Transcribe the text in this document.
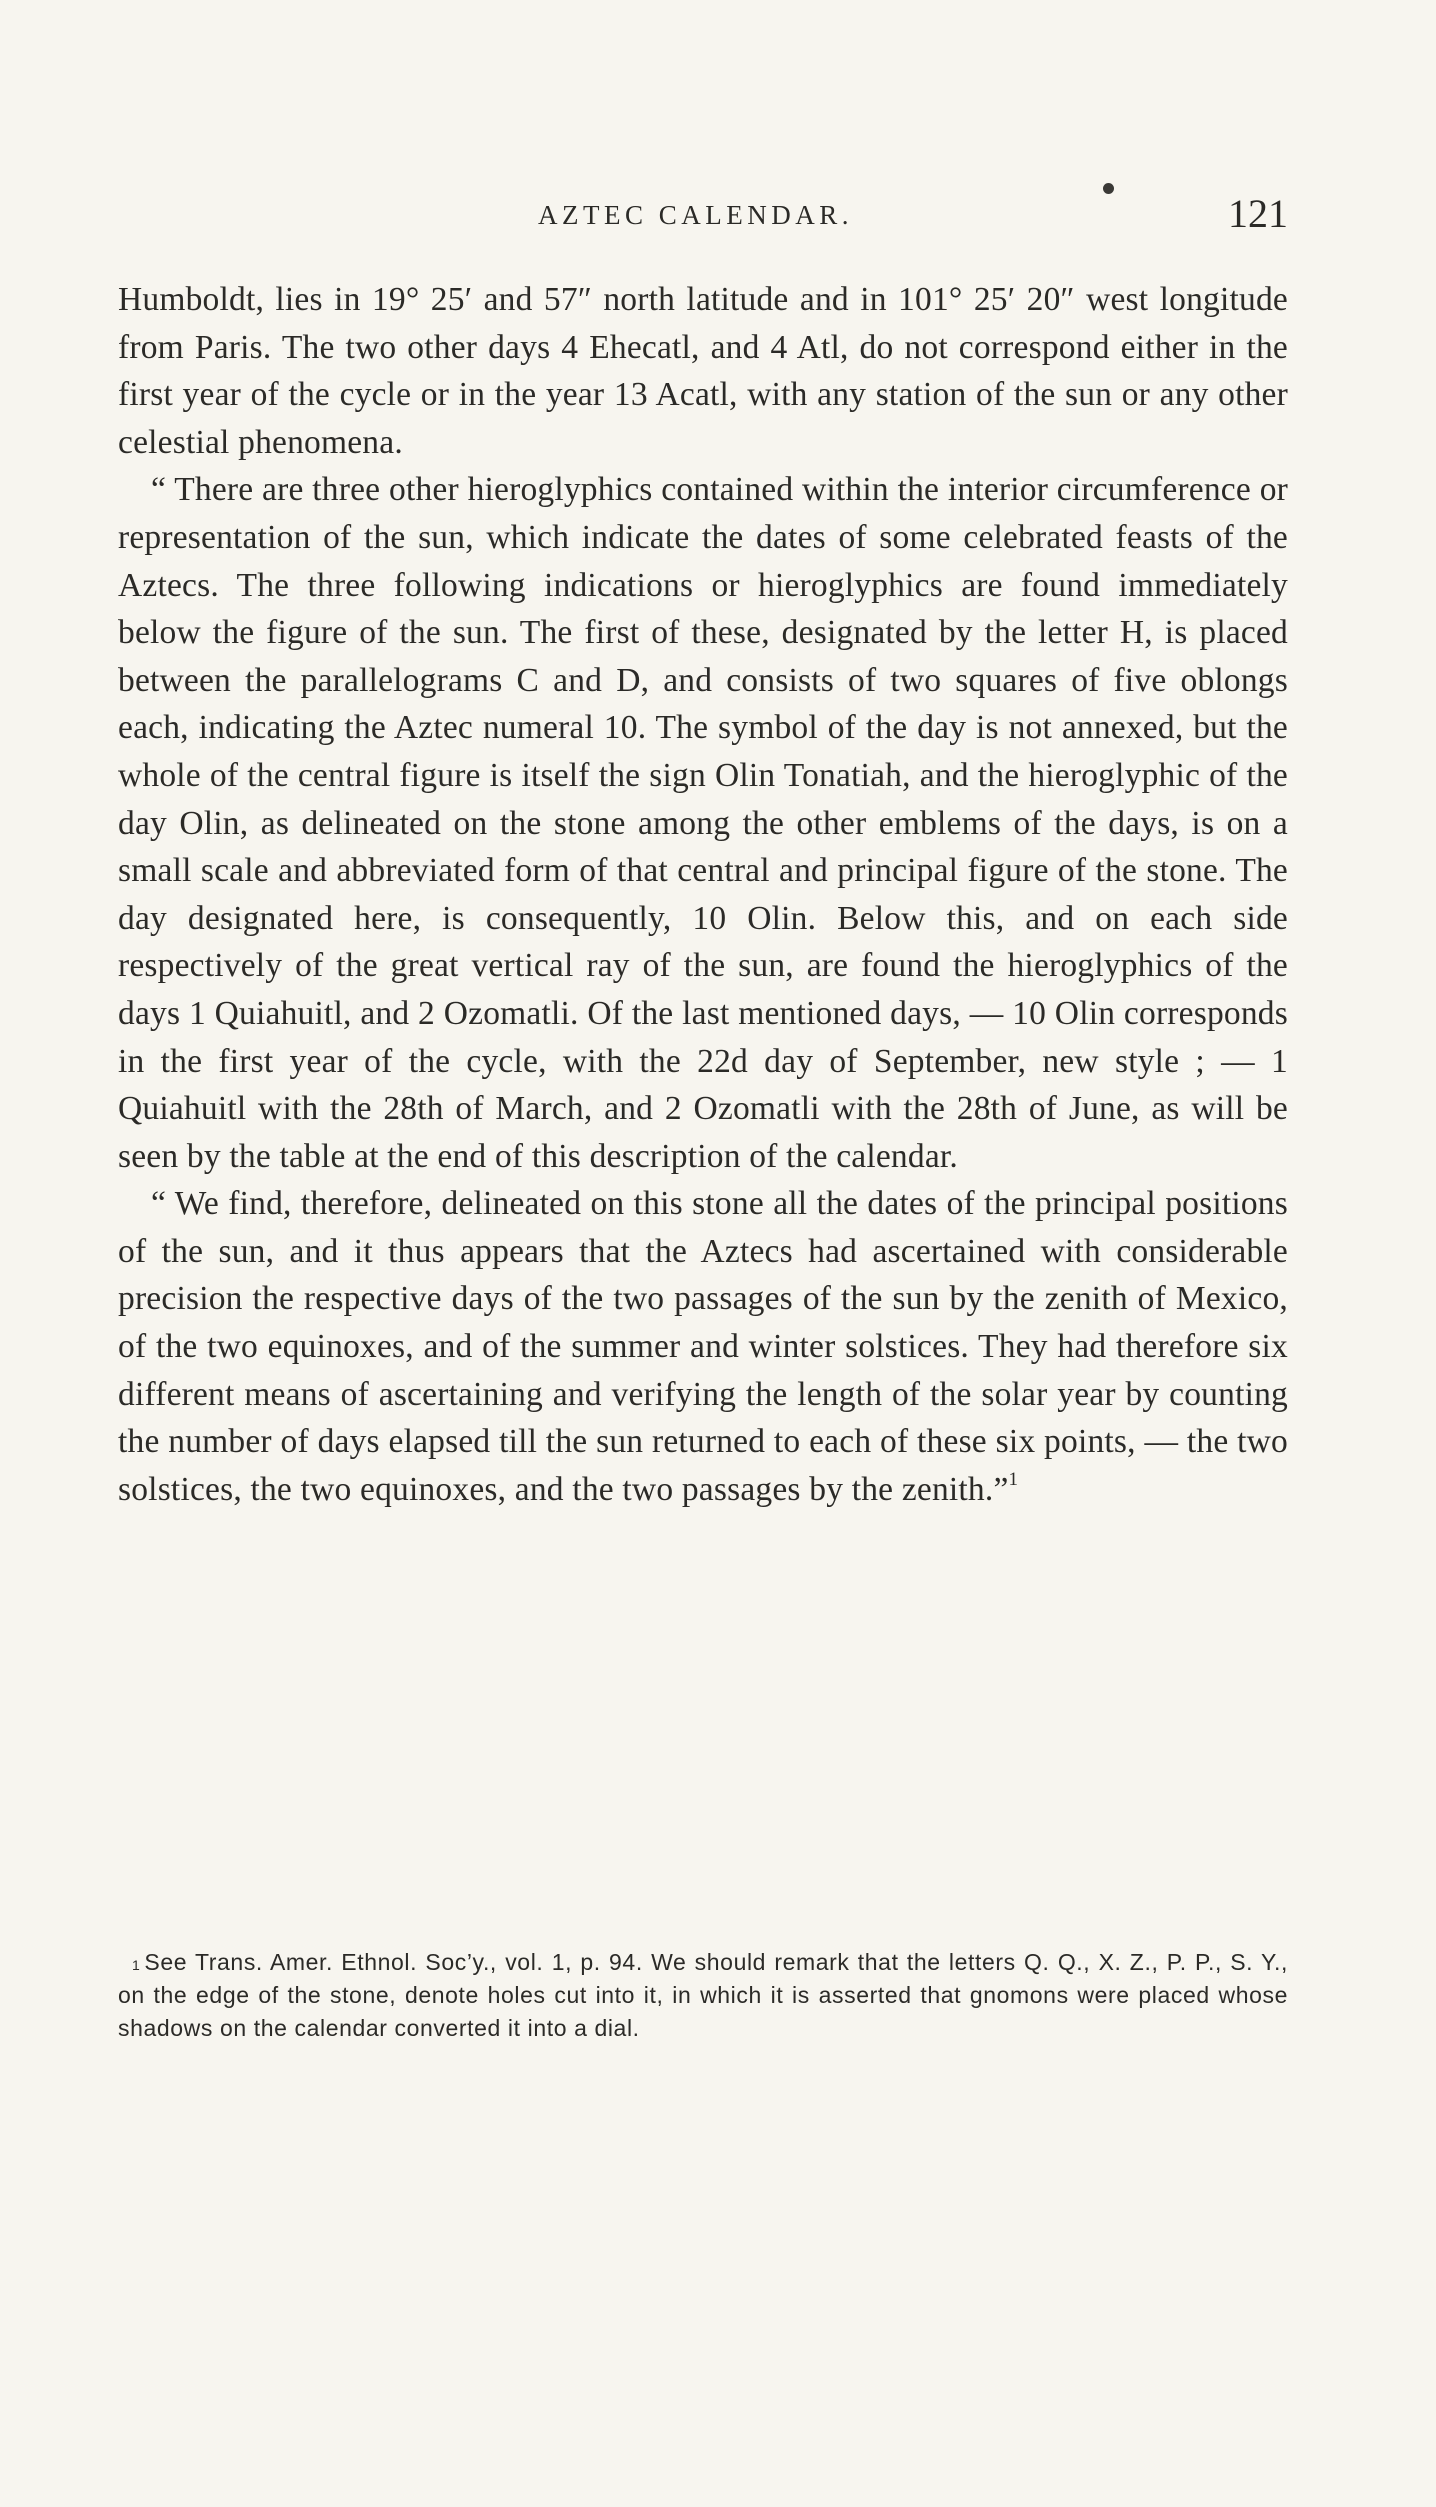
AZTEC CALENDAR.	121

Humboldt, lies in 19° 25′ and 57″ north latitude and in 101° 25′ 20″ west longitude from Paris. The two other days 4 Ehecatl, and 4 Atl, do not correspond either in the first year of the cycle or in the year 13 Acatl, with any station of the sun or any other celestial phenomena.

“ There are three other hieroglyphics contained within the interior circumference or representation of the sun, which indicate the dates of some celebrated feasts of the Aztecs. The three following indications or hieroglyphics are found immediately below the figure of the sun. The first of these, designated by the letter H, is placed between the parallelograms C and D, and consists of two squares of five oblongs each, indicating the Aztec numeral 10. The symbol of the day is not annexed, but the whole of the central figure is itself the sign Olin Tonatiah, and the hieroglyphic of the day Olin, as delineated on the stone among the other emblems of the days, is on a small scale and abbreviated form of that central and principal figure of the stone. The day designated here, is consequently, 10 Olin. Below this, and on each side respectively of the great vertical ray of the sun, are found the hieroglyphics of the days 1 Quiahuitl, and 2 Ozomatli. Of the last mentioned days, — 10 Olin corresponds in the first year of the cycle, with the 22d day of September, new style ; — 1 Quiahuitl with the 28th of March, and 2 Ozomatli with the 28th of June, as will be seen by the table at the end of this description of the calendar.

“ We find, therefore, delineated on this stone all the dates of the principal positions of the sun, and it thus appears that the Aztecs had ascertained with considerable precision the respective days of the two passages of the sun by the zenith of Mexico, of the two equinoxes, and of the summer and winter solstices. They had therefore six different means of ascertaining and verifying the length of the solar year by counting the number of days elapsed till the sun returned to each of these six points, — the two solstices, the two equinoxes, and the two passages by the zenith.”$^1$

$^1$ See Trans. Amer. Ethnol. Soc’y., vol. 1, p. 94. We should remark that the letters Q. Q., X. Z., P. P., S. Y., on the edge of the stone, denote holes cut into it, in which it is asserted that gnomons were placed whose shadows on the calendar converted it into a dial.
